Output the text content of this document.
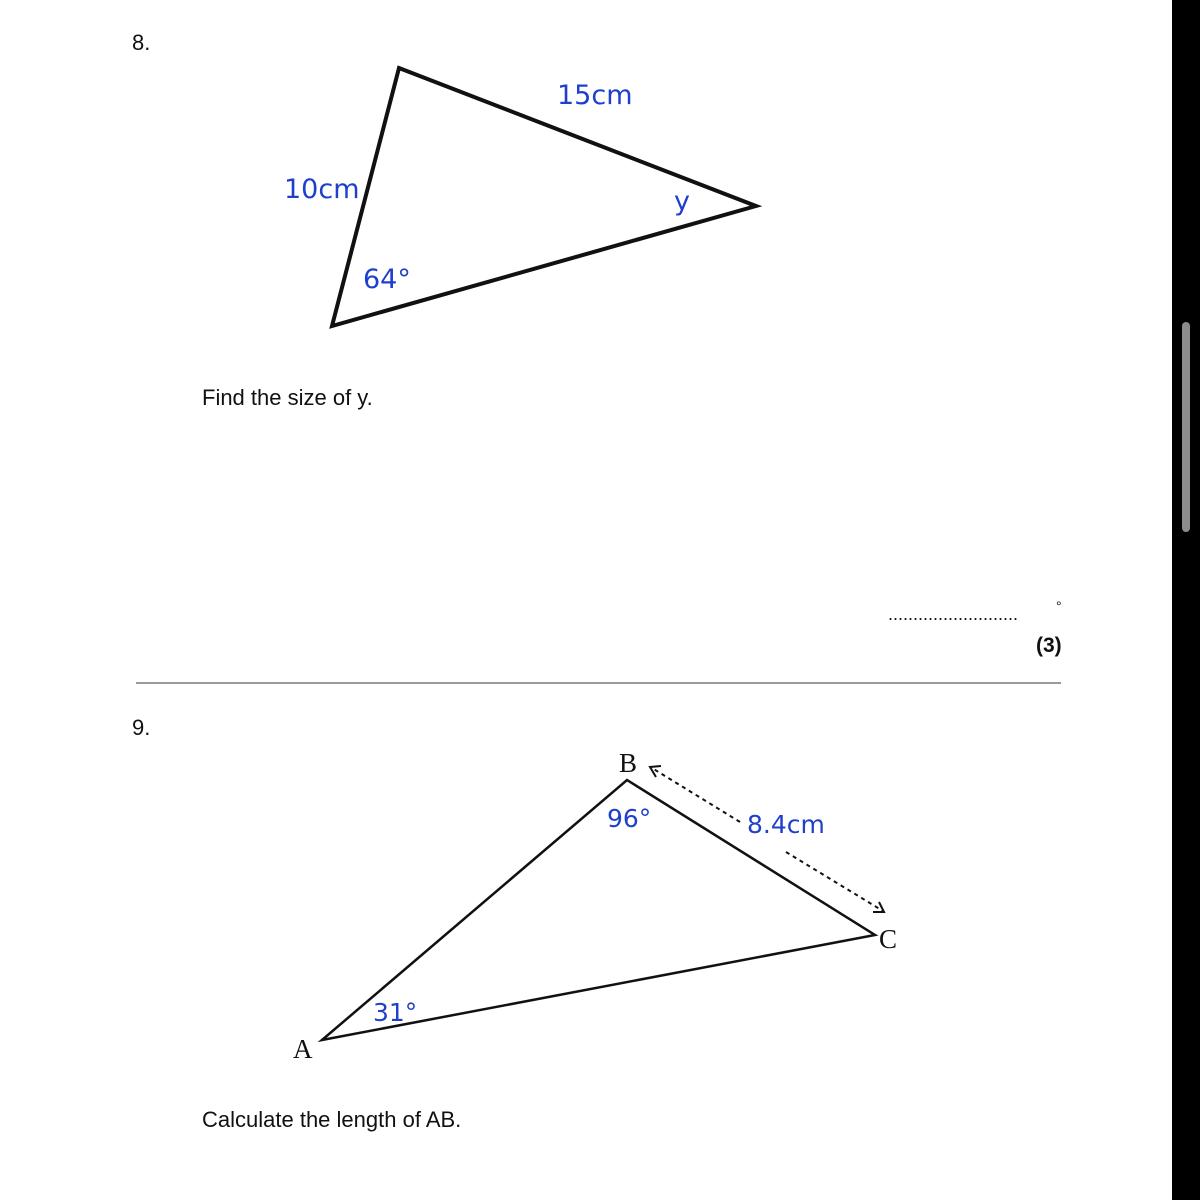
8.
15cm
10cm	y
64°
Find the size of y.
..........................	°
(3)
9.
B
C
A
96°	8.4cm
31°
Calculate the length of AB.
